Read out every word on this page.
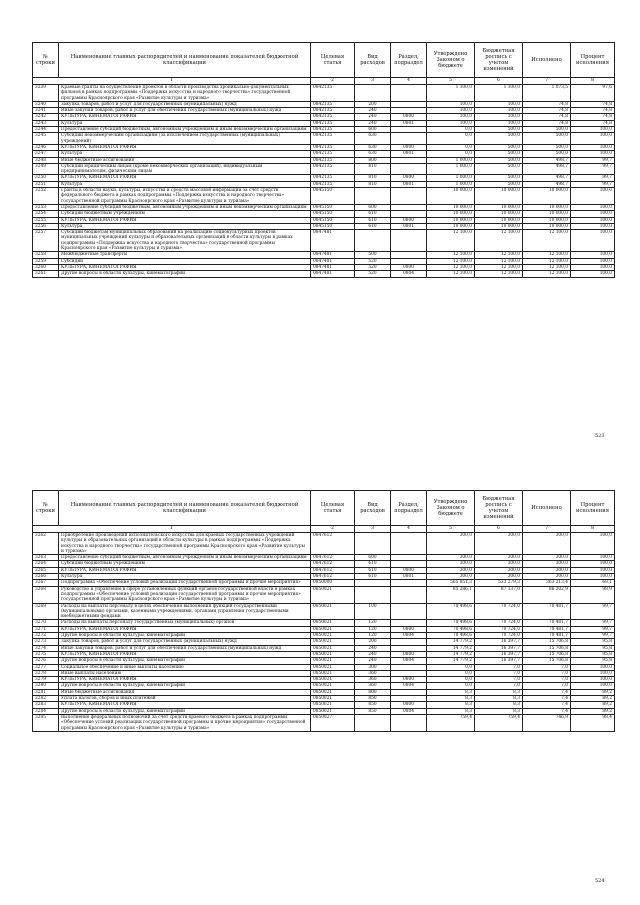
№ строки	Наименование главных распорядителей и наименование показателей бюджетной классификации	Целевая статья	Вид расходов	Раздел, подраздел	Утверждено Законом о бюджете	Бюджетная роспись с учетом изменений	Исполнено	Процент исполнения
1		2	3	4	5	6	7	8
3239	Краевые гранты на осуществление проектов в области производства хроникально-документальных фильмов в рамках подпрограммы «Поддержка искусства и народного творчества» государственной программы Красноярского края «Развитие культуры и туризма»	0842135			1 100,0	1 100,0	1 073,5	97,6
3240	Закупка товаров, работ и услуг для государственных (муниципальных) нужд	0842135	200		100,0	100,0	74,8	74,8
3241	Иные закупки товаров, работ и услуг для обеспечения государственных (муниципальных) нужд	0842135	240		100,0	100,0	74,8	74,8
3242	КУЛЬТУРА, КИНЕМАТОГРАФИЯ	0842135	240	0800	100,0	100,0	74,8	74,8
3243	Культура	0842135	240	0801	100,0	100,0	74,8	74,8
3244	Предоставление субсидий бюджетным, автономным учреждениям и иным некоммерческим организациям	0842135	600		0,0	500,0	500,0	100,0
3245	Субсидии некоммерческим организациям (за исключением государственных (муниципальных) учреждений)	0842135	630		0,0	500,0	500,0	100,0
3246	КУЛЬТУРА, КИНЕМАТОГРАФИЯ	0842135	630	0800	0,0	500,0	500,0	100,0
3247	Культура	0842135	630	0801	0,0	500,0	500,0	100,0
3248	Иные бюджетные ассигнования	0842135	800		1 000,0	500,0	498,7	99,7
3249	Субсидии юридическим лицам (кроме некоммерческих организаций), индивидуальным предпринимателям, физическим лицам	0842135	810		1 000,0	500,0	498,7	99,7
3250	КУЛЬТУРА, КИНЕМАТОГРАФИЯ	0842135	810	0800	1 000,0	500,0	498,7	99,7
3251	Культура	0842135	810	0801	1 000,0	500,0	498,7	99,7
3252	Гранты в области науки, культуры, искусства и средств массовой информации за счет средств федерального бюджета в рамках подпрограммы «Поддержка искусства и народного творчества» государственной программы Красноярского края «Развитие культуры и туризма»	0845150			10 000,0	10 000,0	10 000,0	100,0
3253	Предоставление субсидий бюджетным, автономным учреждениям и иным некоммерческим организациям	0845150	600		10 000,0	10 000,0	10 000,0	100,0
3254	Субсидии бюджетным учреждениям	0845150	610		10 000,0	10 000,0	10 000,0	100,0
3255	КУЛЬТУРА, КИНЕМАТОГРАФИЯ	0845150	610	0800	10 000,0	10 000,0	10 000,0	100,0
3256	Культура	0845150	610	0801	10 000,0	10 000,0	10 000,0	100,0
3257	Субсидии бюджетам муниципальных образований на реализацию социокультурных проектов муниципальных учреждений культуры и образовательных организаций в области культуры в рамках подпрограммы «Поддержка искусства и народного творчества» государственной программы Красноярского края «Развитие культуры и туризма»	0847481			12 100,0	12 100,0	12 100,0	100,0
3258	Межбюджетные трансферты	0847481	500		12 100,0	12 100,0	12 100,0	100,0
3259	Субсидии	0847481	520		12 100,0	12 100,0	12 100,0	100,0
3260	КУЛЬТУРА, КИНЕМАТОГРАФИЯ	0847481	520	0800	12 100,0	12 100,0	12 100,0	100,0
3261	Другие вопросы в области культуры, кинематографии	0847481	520	0804	12 100,0	12 100,0	12 100,0	100,0
523
№ строки	Наименование главных распорядителей и наименование показателей бюджетной классификации	Целевая статья	Вид расходов	Раздел, подраздел	Утверждено Законом о бюджете	Бюджетная роспись с учетом изменений	Исполнено	Процент исполнения
1		2	3	4	5	6	7	8
3262	Приобретение произведений исполнительского искусства для краевых государственных учреждений культуры и образовательных организаций в области культуры в рамках подпрограммы «Поддержка искусства и народного творчества» государственной программы Красноярского края «Развитие культуры и туризма»	0847612			300,0	300,0	300,0	100,0
3263	Предоставление субсидий бюджетным, автономным учреждениям и иным некоммерческим организациям	0847612	600		300,0	300,0	300,0	100,0
3264	Субсидии бюджетным учреждениям	0847612	610		300,0	300,0	300,0	100,0
3265	КУЛЬТУРА, КИНЕМАТОГРАФИЯ	0847612	610	0800	300,0	300,0	300,0	100,0
3266	Культура	0847612	610	0801	300,0	300,0	300,0	100,0
3267	Подпрограмма «Обеспечение условий реализации государственной программы и прочие мероприятия»	0850000			565 851,3	533 279,3	363 213,4	68,1
3268	Руководство и управление в сфере установленных функций органов государственной власти в рамках подпрограммы «Обеспечение условий реализации государственной программы и прочие мероприятия» государственной программы Красноярского края «Развитие культуры и туризма»	0850021			85 286,1	87 137,0	86 202,9	98,9
3269	Расходы на выплаты персоналу в целях обеспечения выполнения функций государственными (муниципальными) органами, казенными учреждениями, органами управления государственными внебюджетными фондами	0850021	100		70 498,6	70 724,0	70 481,7	99,7
3270	Расходы на выплаты персоналу государственных (муниципальных) органов	0850021	120		70 498,6	70 724,0	70 481,7	99,7
3271	КУЛЬТУРА, КИНЕМАТОГРАФИЯ	0850021	120	0800	70 498,6	70 724,0	70 481,7	99,7
3272	Другие вопросы в области культуры, кинематографии	0850021	120	0804	70 498,6	70 724,0	70 481,7	99,7
3273	Закупка товаров, работ и услуг для государственных (муниципальных) нужд	0850021	200		14 779,2	16 397,7	15 706,8	95,8
3274	Иные закупки товаров, работ и услуг для обеспечения государственных (муниципальных) нужд	0850021	240		14 779,2	16 397,7	15 706,8	95,8
3275	КУЛЬТУРА, КИНЕМАТОГРАФИЯ	0850021	240	0800	14 779,2	16 397,7	15 706,8	95,8
3276	Другие вопросы в области культуры, кинематографии	0850021	240	0804	14 779,2	16 397,7	15 706,8	95,8
3277	Социальное обеспечение и иные выплаты населению	0850021	300		0,0	7,0	7,0	100,0
3278	Иные выплаты населению	0850021	360		0,0	7,0	7,0	100,0
3279	КУЛЬТУРА, КИНЕМАТОГРАФИЯ	0850021	360	0800	0,0	7,0	7,0	100,0
3280	Другие вопросы в области культуры, кинематографии	0850021	360	0804	0,0	7,0	7,0	100,0
3281	Иные бюджетные ассигнования	0850021	800		8,3	8,3	7,4	89,2
3282	Уплата налогов, сборов и иных платежей	0850021	850		8,3	8,3	7,4	89,2
3283	КУЛЬТУРА, КИНЕМАТОГРАФИЯ	0850021	850	0800	8,3	8,3	7,4	89,2
3284	Другие вопросы в области культуры, кинематографии	0850021	850	0804	8,3	8,3	7,4	89,2
3285	Выполнение федеральных полномочий за счет средств краевого бюджета в рамках подпрограммы «Обеспечение условий реализации государственной программы и прочие мероприятия» государственной программы Красноярского края «Развитие культуры и туризма»	0850027			759,4	759,4	746,9	98,4
524
